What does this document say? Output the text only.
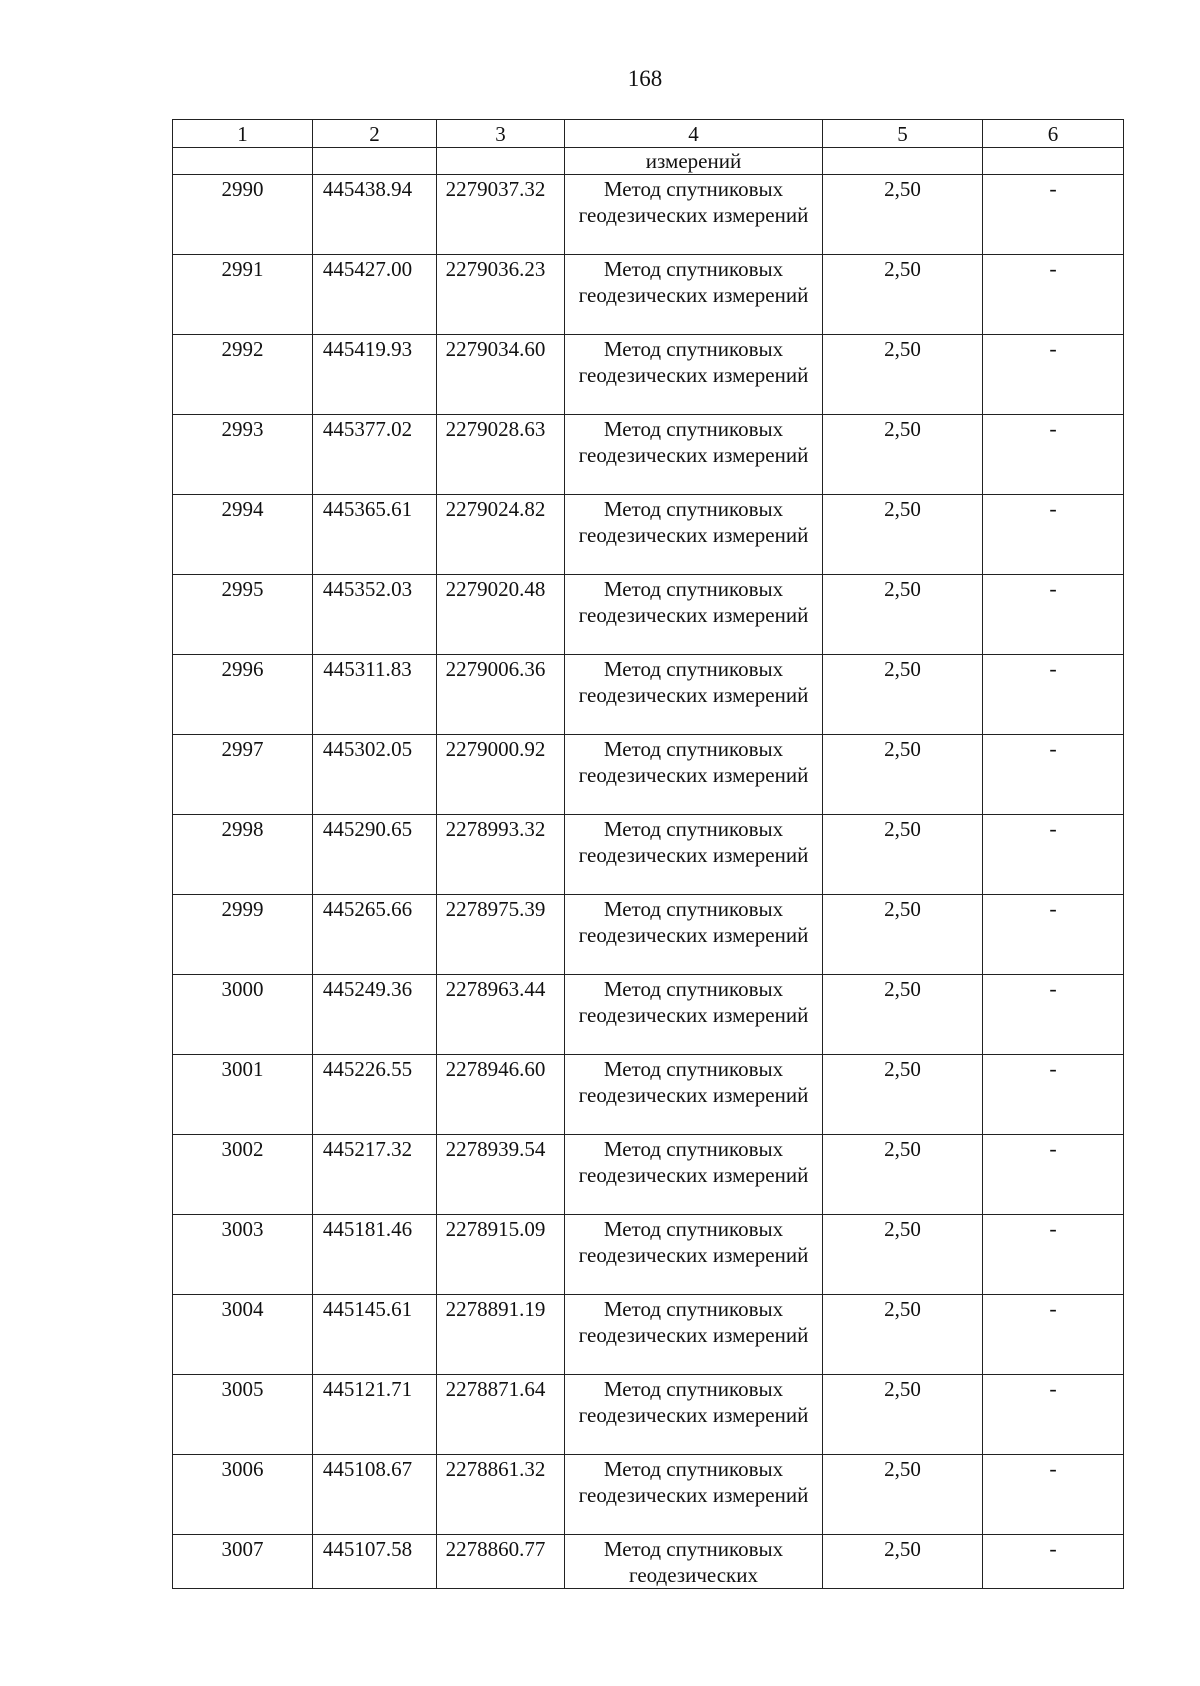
168
1	2	3	4	5	6
			измерений		
2990	445438.94	2279037.32	Метод спутниковых геодезических измерений	2,50	-
2991	445427.00	2279036.23	Метод спутниковых геодезических измерений	2,50	-
2992	445419.93	2279034.60	Метод спутниковых геодезических измерений	2,50	-
2993	445377.02	2279028.63	Метод спутниковых геодезических измерений	2,50	-
2994	445365.61	2279024.82	Метод спутниковых геодезических измерений	2,50	-
2995	445352.03	2279020.48	Метод спутниковых геодезических измерений	2,50	-
2996	445311.83	2279006.36	Метод спутниковых геодезических измерений	2,50	-
2997	445302.05	2279000.92	Метод спутниковых геодезических измерений	2,50	-
2998	445290.65	2278993.32	Метод спутниковых геодезических измерений	2,50	-
2999	445265.66	2278975.39	Метод спутниковых геодезических измерений	2,50	-
3000	445249.36	2278963.44	Метод спутниковых геодезических измерений	2,50	-
3001	445226.55	2278946.60	Метод спутниковых геодезических измерений	2,50	-
3002	445217.32	2278939.54	Метод спутниковых геодезических измерений	2,50	-
3003	445181.46	2278915.09	Метод спутниковых геодезических измерений	2,50	-
3004	445145.61	2278891.19	Метод спутниковых геодезических измерений	2,50	-
3005	445121.71	2278871.64	Метод спутниковых геодезических измерений	2,50	-
3006	445108.67	2278861.32	Метод спутниковых геодезических измерений	2,50	-
3007	445107.58	2278860.77	Метод спутниковых геодезических	2,50	-
